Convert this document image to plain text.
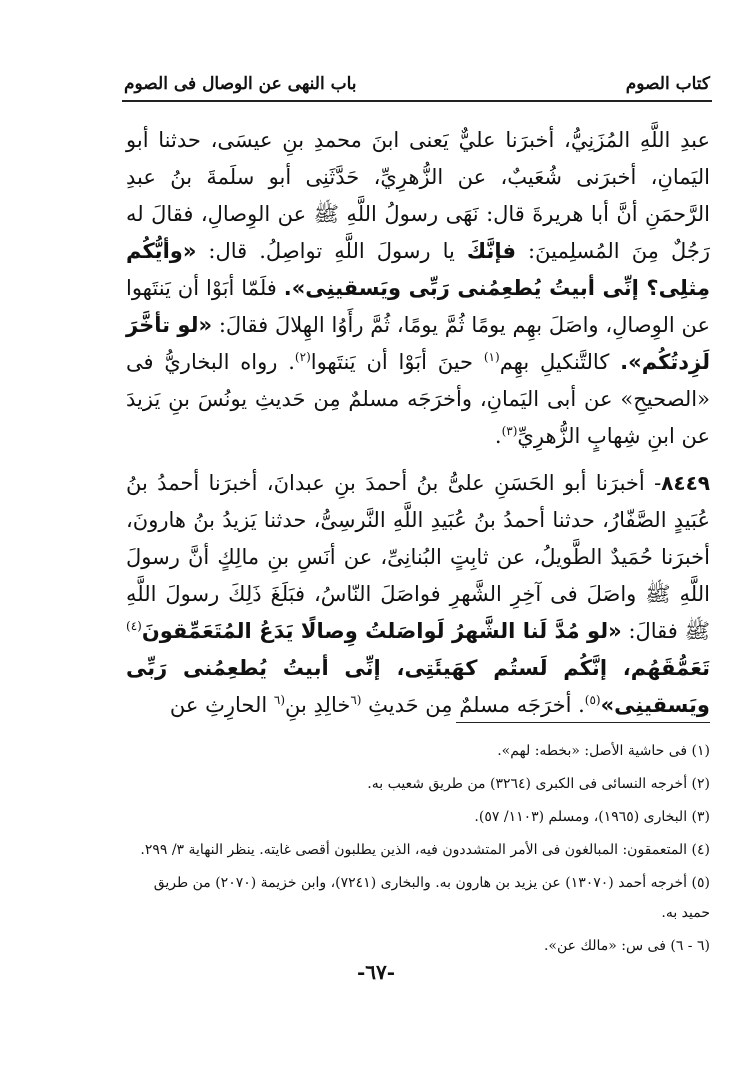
كتاب الصوم
باب النهى عن الوصال فى الصوم

عبدِ اللَّهِ المُزَنِيُّ، أخبرَنا عليٌّ يَعنى ابنَ محمدِ بنِ عيسَى، حدثنا أبو اليَمانِ، أخبرَنى شُعَيبٌ، عن الزُّهرِيِّ، حَدَّثَنِى أبو سلَمةَ بنُ عبدِ الرَّحمَنِ أنَّ أبا هريرةَ قال: نَهَى رسولُ اللَّهِ ﷺ عن الوِصالِ، فقالَ له رَجُلٌ مِنَ المُسلِمينَ: فإنَّكَ يا رسولَ اللَّهِ تواصِلُ. قال: «وأيُّكُم مِثلِى؟ إنِّى أبيتُ يُطعِمُنى رَبِّى ويَسقينِى». فلَمّا أبَوْا أن يَنتَهوا عن الوِصالِ، واصَلَ بهِم يومًا ثُمَّ يومًا، ثُمَّ رأَوُا الهِلالَ فقالَ: «لو تأخَّرَ لَزِدتُكُم». كالتَّنكيلِ بهِم$^{(١)}$ حينَ أبَوْا أن يَنتَهوا$^{(٢)}$. رواه البخاريُّ فى «الصحيحِ» عن أبى اليَمانِ، وأخرَجَه مسلمٌ مِن حَديثِ يونُسَ بنِ يَزيدَ عن ابنِ شِهابٍ الزُّهرِيِّ$^{(٣)}$.

٨٤٤٩- أخبرَنا أبو الحَسَنِ علىُّ بنُ أحمدَ بنِ عبدانَ، أخبرَنا أحمدُ بنُ عُبَيدٍ الصَّفّارُ، حدثنا أحمدُ بنُ عُبَيدِ اللَّهِ النَّرسِىُّ، حدثنا يَزيدُ بنُ هارونَ، أخبرَنا حُمَيدٌ الطَّويلُ، عن ثابِتٍ البُنانِىِّ، عن أنَسِ بنِ مالِكٍ أنَّ رسولَ اللَّهِ ﷺ واصَلَ فى آخِرِ الشَّهرِ فواصَلَ النّاسُ، فبَلَغَ ذَلِكَ رسولَ اللَّهِ ﷺ فقالَ: «لو مُدَّ لَنا الشَّهرُ لَواصَلتُ وِصالًا يَدَعُ المُتَعَمِّقونَ$^{(٤)}$ تَعَمُّقَهُم، إنَّكُم لَستُم كهَيئَتِى، إنِّى أبيتُ يُطعِمُنى رَبِّى ويَسقينِى»$^{(٥)}$. أخرَجَه مسلمٌ مِن حَديثِ $^{(٦}$خالِدِ بنِ$^{(٦}$ الحارِثِ عن

(١) فى حاشية الأصل: «بخطه: لهم».

(٢) أخرجه النسائى فى الكبرى (٣٢٦٤) من طريق شعيب به.

(٣) البخارى (١٩٦٥)، ومسلم (١١٠٣/ ٥٧).

(٤) المتعمقون: المبالغون فى الأمر المتشددون فيه، الذين يطلبون أقصى غايته. ينظر النهاية ٣/ ٢٩٩.

(٥) أخرجه أحمد (١٣٠٧٠) عن يزيد بن هارون به. والبخارى (٧٢٤١)، وابن خزيمة (٢٠٧٠) من طريق حميد به.

(٦ - ٦) فى س: «مالك عن».

-٦٧-
